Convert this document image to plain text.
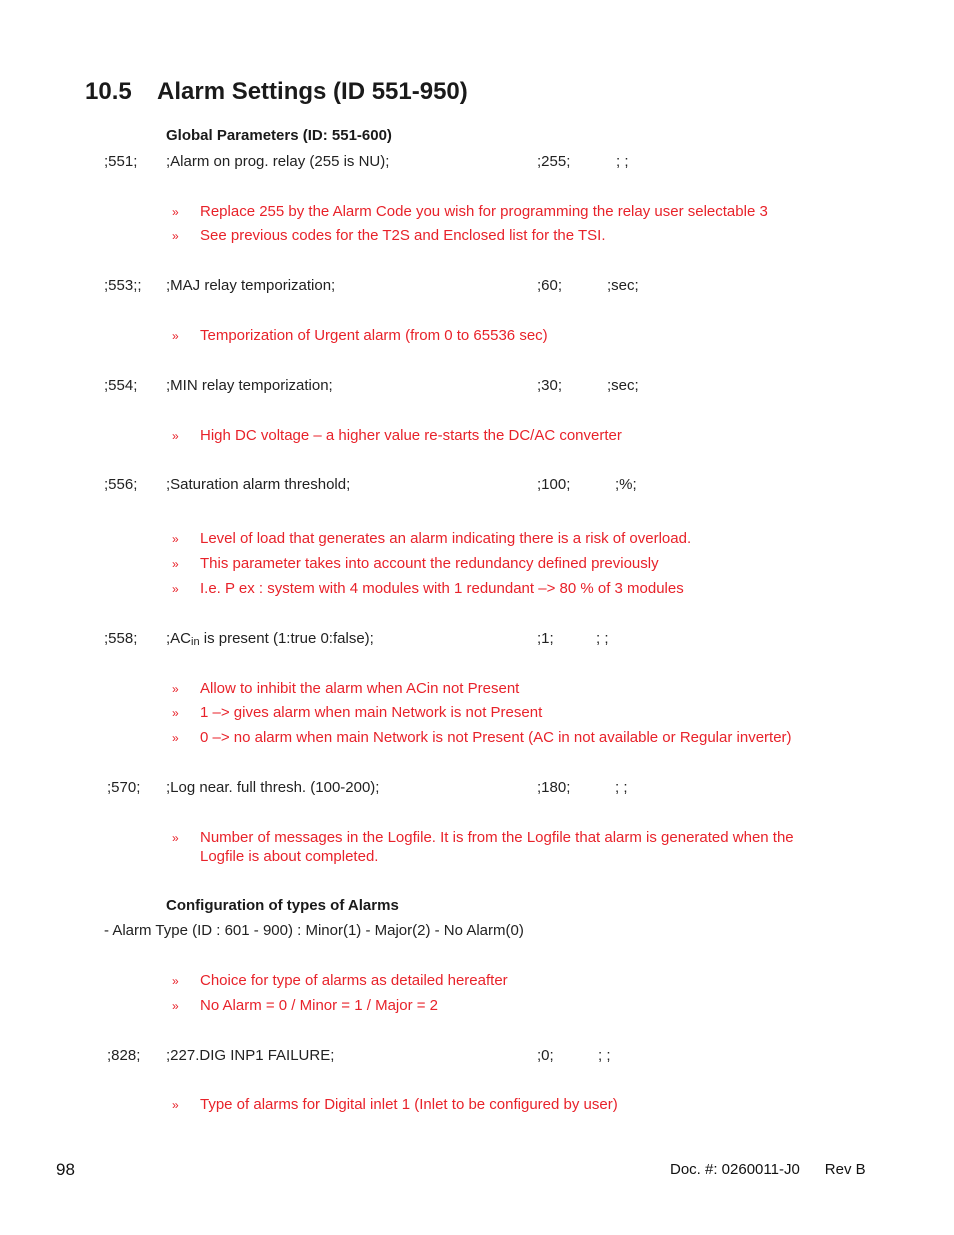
10.5 Alarm Settings (ID 551-950)
Global Parameters (ID: 551-600)
;551; ;Alarm on prog. relay (255 is NU);	;255;	; ;
» Replace 255 by the Alarm Code you wish for programming the relay user selectable 3
» See previous codes for the T2S and Enclosed list for the TSI.
;553;; ;MAJ relay temporization;	;60;	;sec;
» Temporization of Urgent alarm (from 0 to 65536 sec)
;554; ;MIN relay temporization;	;30;	;sec;
» High DC voltage – a higher value re-starts the DC/AC converter
;556; ;Saturation alarm threshold;	;100;	;%;
» Level of load that generates an alarm indicating there is a risk of overload.
» This parameter takes into account the redundancy defined previously
» I.e. P ex : system with 4 modules with 1 redundant –> 80 % of 3 modules
;558; ;ACin is present (1:true 0:false);	;1;	; ;
» Allow to inhibit the alarm when ACin not Present
» 1 –> gives alarm when main Network is not Present
» 0 –> no alarm when main Network is not Present (AC in not available or Regular inverter)
;570; ;Log near. full thresh. (100-200);	;180;	; ;
» Number of messages in the Logfile. It is from the Logfile that alarm is generated when the
Logfile is about completed.
Configuration of types of Alarms
- Alarm Type (ID : 601 - 900) : Minor(1) - Major(2) - No Alarm(0)
» Choice for type of alarms as detailed hereafter
» No Alarm = 0 / Minor = 1 / Major = 2
;828; ;227.DIG INP1 FAILURE;	;0;	; ;
» Type of alarms for Digital inlet 1 (Inlet to be configured by user)
98	Doc. #: 0260011-J0      Rev B
